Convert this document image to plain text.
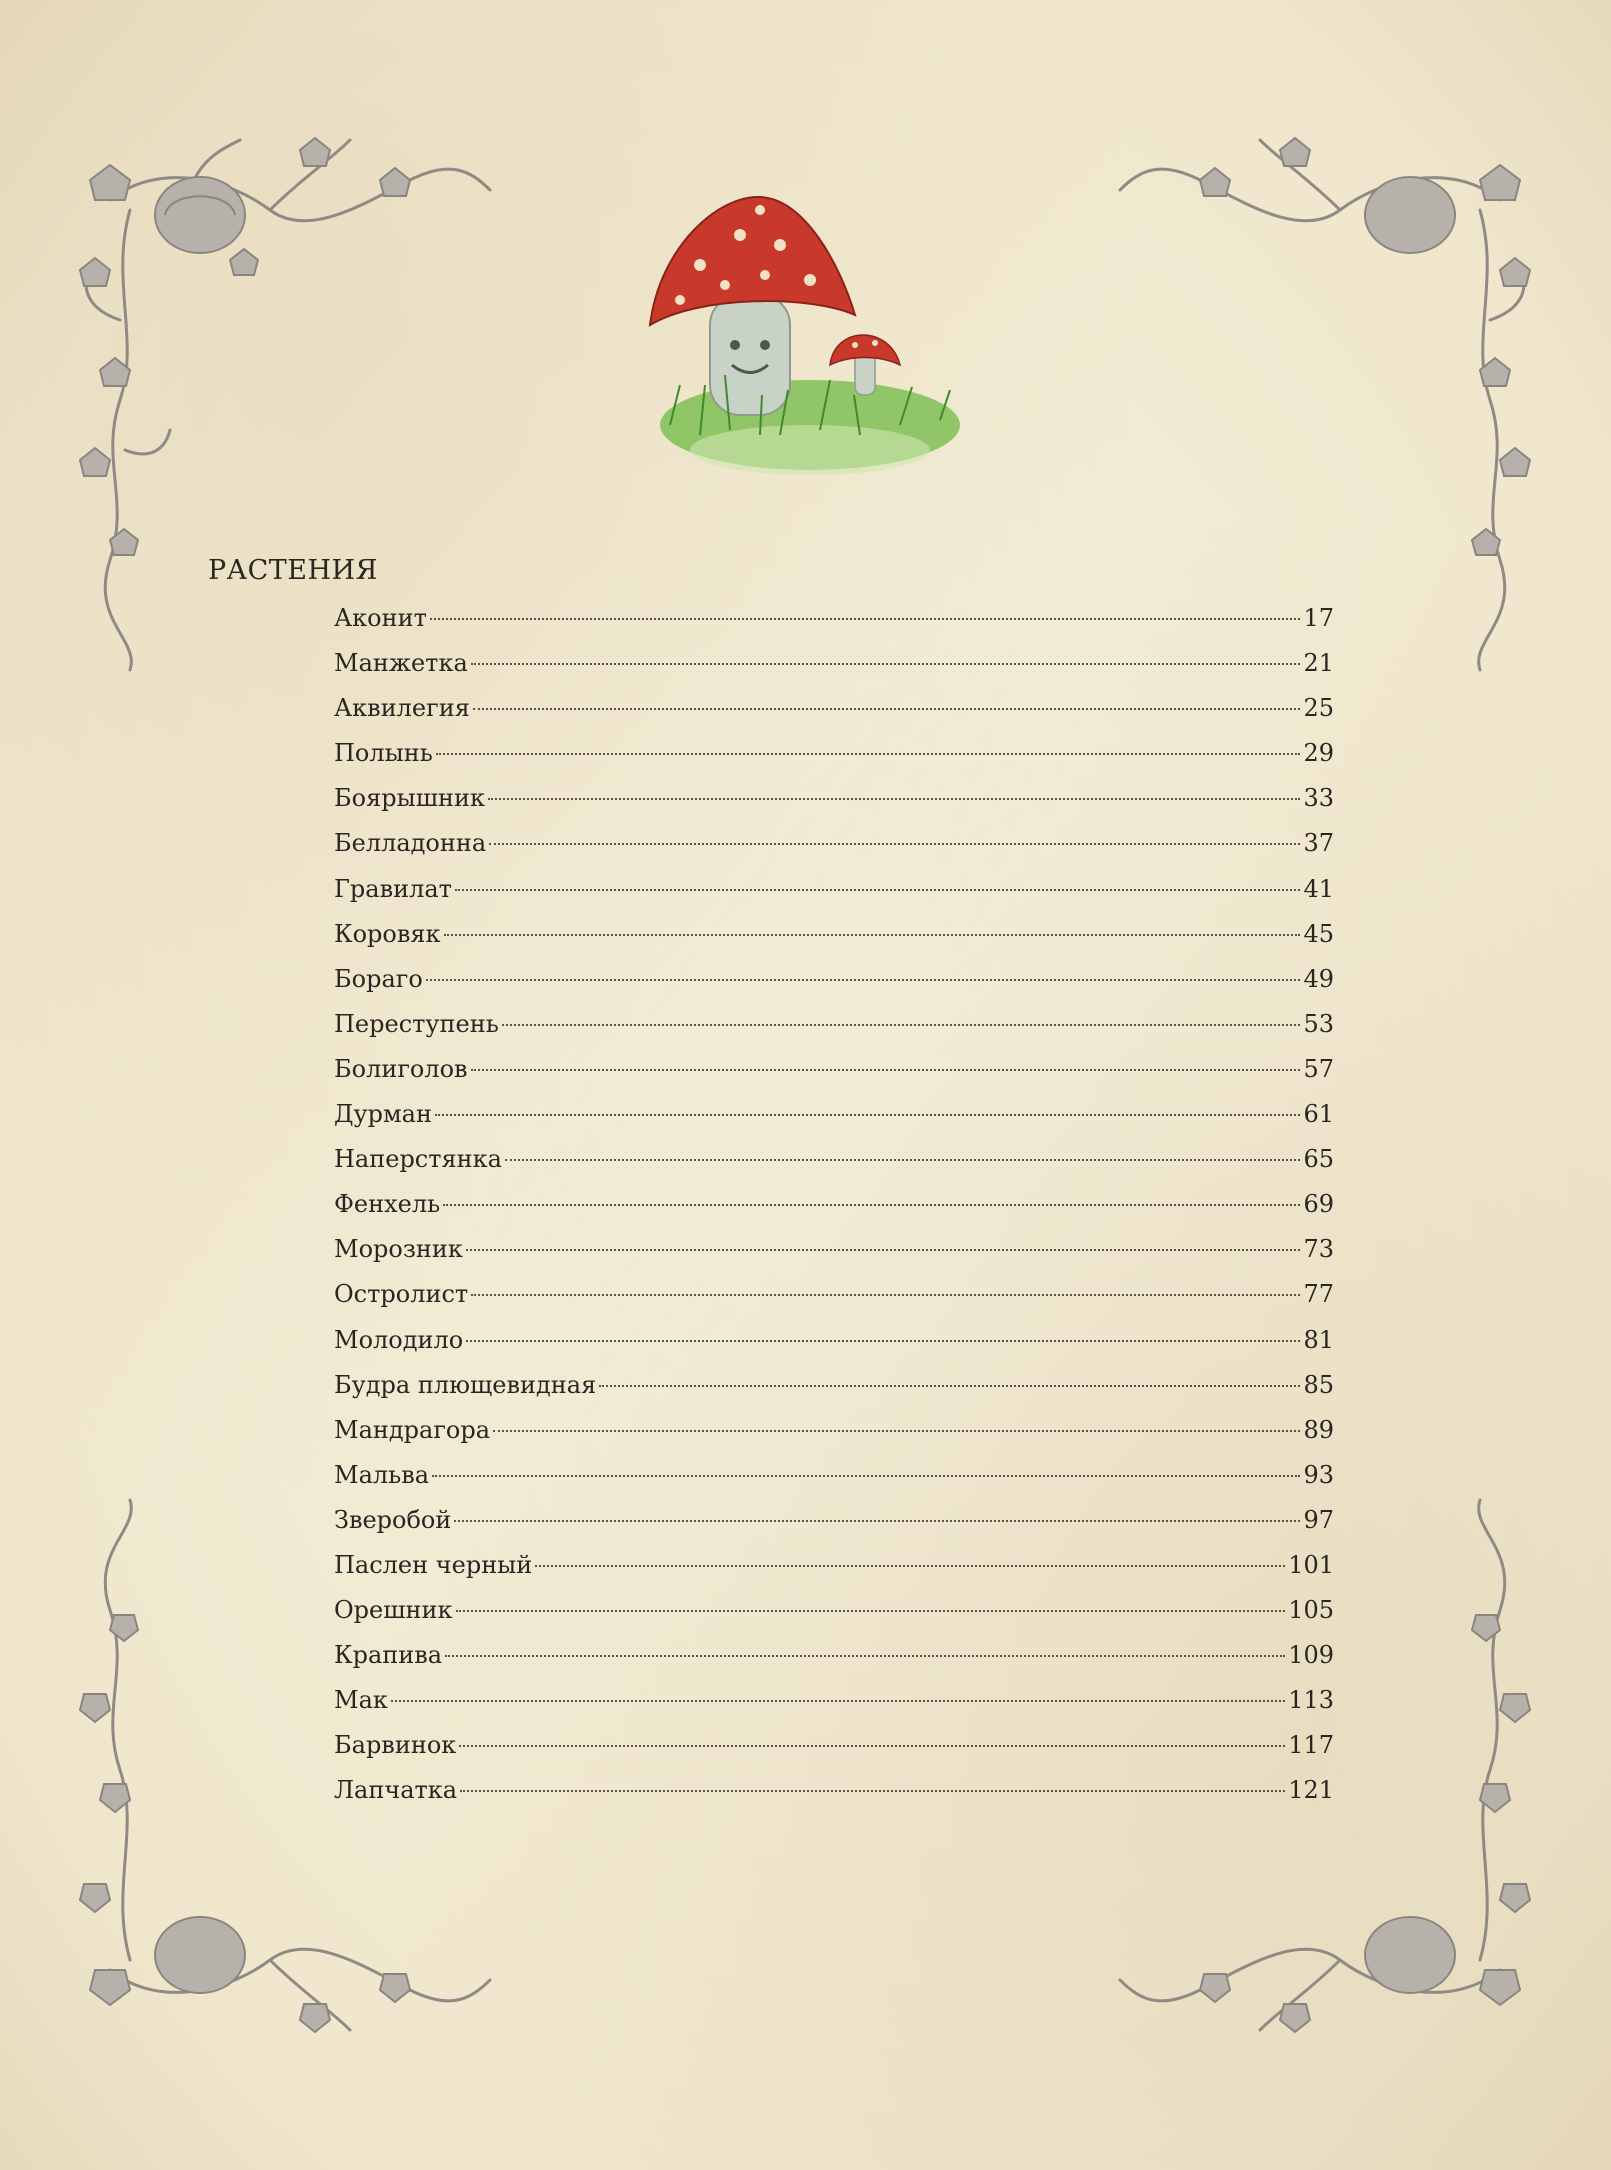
РАСТЕНИЯ
Аконит	17
Манжетка	21
Аквилегия	25
Полынь	29
Боярышник	33
Белладонна	37
Гравилат	41
Коровяк	45
Бораго	49
Переступень	53
Болиголов	57
Дурман	61
Наперстянка	65
Фенхель	69
Морозник	73
Остролист	77
Молодило	81
Будра плющевидная	85
Мандрагора	89
Мальва	93
Зверобой	97
Паслен черный	101
Орешник	105
Крапива	109
Мак	113
Барвинок	117
Лапчатка	121
